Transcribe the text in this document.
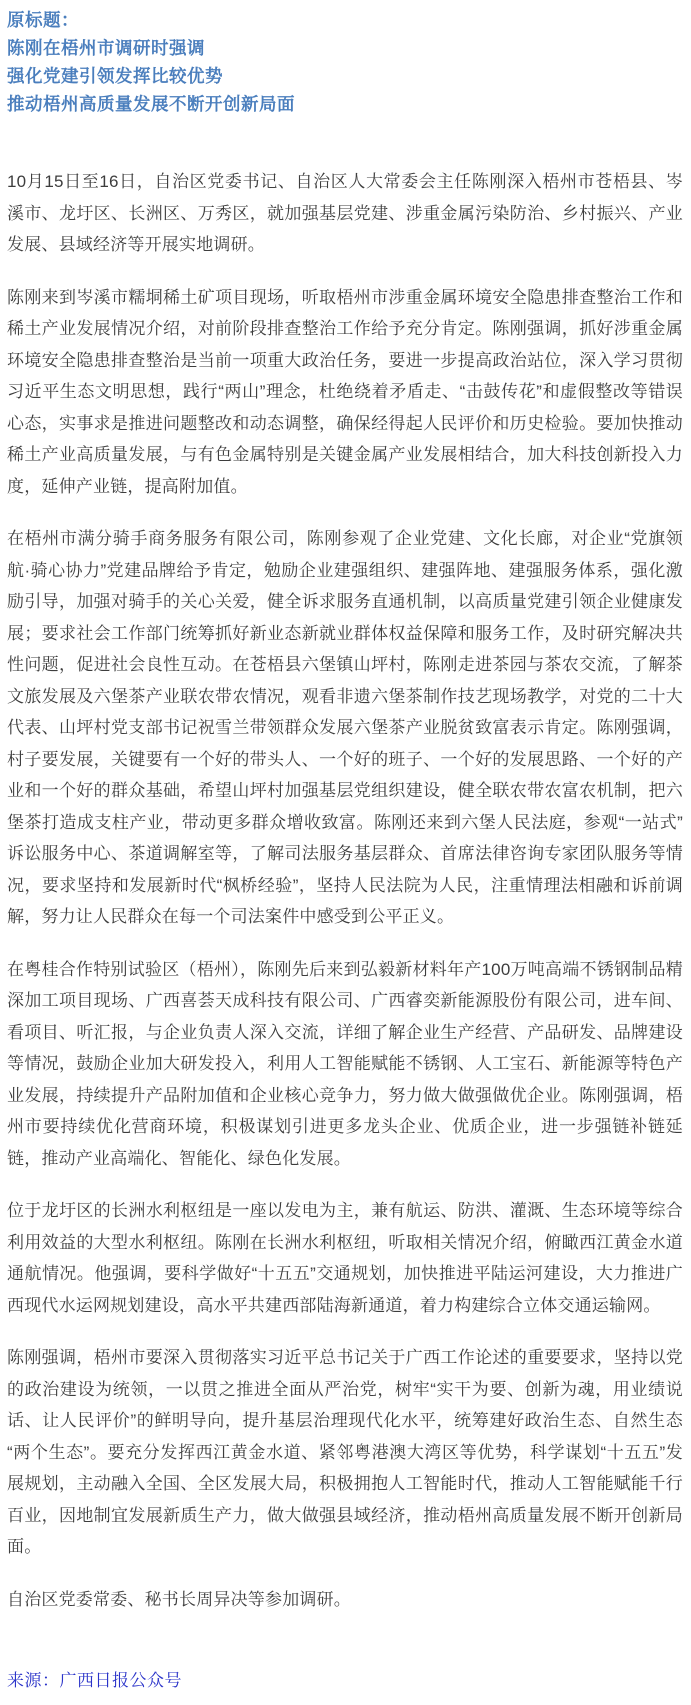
原标题：

陈刚在梧州市调研时强调

强化党建引领发挥比较优势

推动梧州高质量发展不断开创新局面

10月15日至16日，自治区党委书记、自治区人大常委会主任陈刚深入梧州市苍梧县、岑溪市、龙圩区、长洲区、万秀区，就加强基层党建、涉重金属污染防治、乡村振兴、产业发展、县域经济等开展实地调研。

陈刚来到岑溪市糯垌稀土矿项目现场，听取梧州市涉重金属环境安全隐患排查整治工作和稀土产业发展情况介绍，对前阶段排查整治工作给予充分肯定。陈刚强调，抓好涉重金属环境安全隐患排查整治是当前一项重大政治任务，要进一步提高政治站位，深入学习贯彻习近平生态文明思想，践行“两山”理念，杜绝绕着矛盾走、“击鼓传花”和虚假整改等错误心态，实事求是推进问题整改和动态调整，确保经得起人民评价和历史检验。要加快推动稀土产业高质量发展，与有色金属特别是关键金属产业发展相结合，加大科技创新投入力度，延伸产业链，提高附加值。

在梧州市满分骑手商务服务有限公司，陈刚参观了企业党建、文化长廊，对企业“党旗领航·骑心协力”党建品牌给予肯定，勉励企业建强组织、建强阵地、建强服务体系，强化激励引导，加强对骑手的关心关爱，健全诉求服务直通机制，以高质量党建引领企业健康发展；要求社会工作部门统筹抓好新业态新就业群体权益保障和服务工作，及时研究解决共性问题，促进社会良性互动。在苍梧县六堡镇山坪村，陈刚走进茶园与茶农交流，了解茶文旅发展及六堡茶产业联农带农情况，观看非遗六堡茶制作技艺现场教学，对党的二十大代表、山坪村党支部书记祝雪兰带领群众发展六堡茶产业脱贫致富表示肯定。陈刚强调，村子要发展，关键要有一个好的带头人、一个好的班子、一个好的发展思路、一个好的产业和一个好的群众基础，希望山坪村加强基层党组织建设，健全联农带农富农机制，把六堡茶打造成支柱产业，带动更多群众增收致富。陈刚还来到六堡人民法庭，参观“一站式”诉讼服务中心、茶道调解室等，了解司法服务基层群众、首席法律咨询专家团队服务等情况，要求坚持和发展新时代“枫桥经验”，坚持人民法院为人民，注重情理法相融和诉前调解，努力让人民群众在每一个司法案件中感受到公平正义。

在粤桂合作特别试验区（梧州），陈刚先后来到弘毅新材料年产100万吨高端不锈钢制品精深加工项目现场、广西喜荟天成科技有限公司、广西睿奕新能源股份有限公司，进车间、看项目、听汇报，与企业负责人深入交流，详细了解企业生产经营、产品研发、品牌建设等情况，鼓励企业加大研发投入，利用人工智能赋能不锈钢、人工宝石、新能源等特色产业发展，持续提升产品附加值和企业核心竞争力，努力做大做强做优企业。陈刚强调，梧州市要持续优化营商环境，积极谋划引进更多龙头企业、优质企业，进一步强链补链延链，推动产业高端化、智能化、绿色化发展。

位于龙圩区的长洲水利枢纽是一座以发电为主，兼有航运、防洪、灌溉、生态环境等综合利用效益的大型水利枢纽。陈刚在长洲水利枢纽，听取相关情况介绍，俯瞰西江黄金水道通航情况。他强调，要科学做好“十五五”交通规划，加快推进平陆运河建设，大力推进广西现代水运网规划建设，高水平共建西部陆海新通道，着力构建综合立体交通运输网。

陈刚强调，梧州市要深入贯彻落实习近平总书记关于广西工作论述的重要要求，坚持以党的政治建设为统领，一以贯之推进全面从严治党，树牢“实干为要、创新为魂，用业绩说话、让人民评价”的鲜明导向，提升基层治理现代化水平，统筹建好政治生态、自然生态“两个生态”。要充分发挥西江黄金水道、紧邻粤港澳大湾区等优势，科学谋划“十五五”发展规划，主动融入全国、全区发展大局，积极拥抱人工智能时代，推动人工智能赋能千行百业，因地制宜发展新质生产力，做大做强县域经济，推动梧州高质量发展不断开创新局面。

自治区党委常委、秘书长周异决等参加调研。

来源：广西日报公众号
